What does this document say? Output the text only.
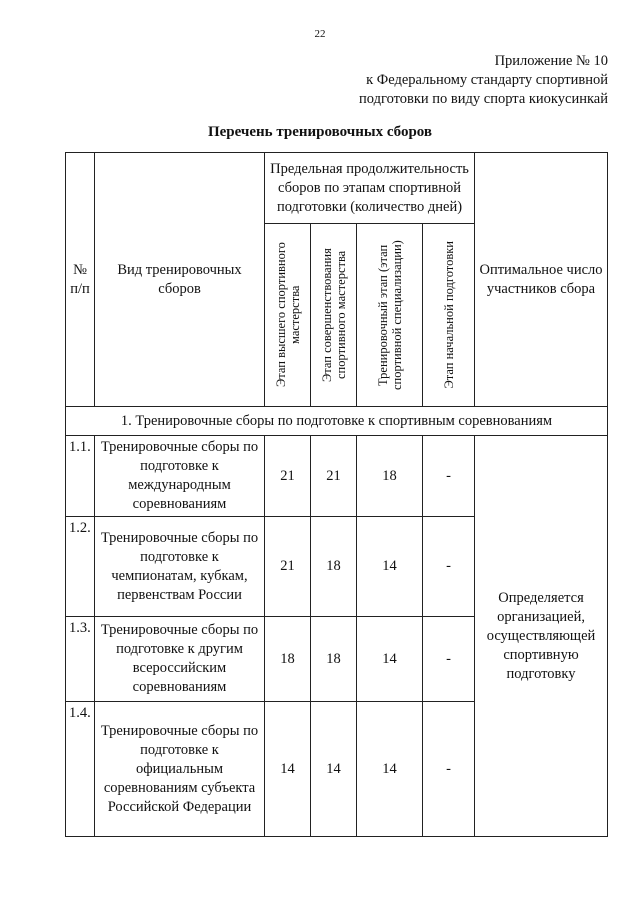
22
Приложение № 10
к Федеральному стандарту спортивной
подготовки по виду спорта киокусинкай
Перечень тренировочных сборов
№ п/п	Вид тренировочных сборов	Предельная продолжительность сборов по этапам спортивной подготовки (количество дней)				Оптимальное число участников сбора

		Этап высшего спортивного мастерства	Этап совершенствования спортивного мастерства	Тренировочный этап (этап спортивной специализации)	Этап начальной подготовки	

1. Тренировочные сборы по подготовке к спортивным соревнованиям						
1.1.	Тренировочные сборы по подготовке к международным соревнованиям	21	21	18	-	Определяется организацией, осуществляющей спортивную подготовку
1.2.	Тренировочные сборы по подготовке к чемпионатам, кубкам, первенствам России	21	18	14	-	
1.3.	Тренировочные сборы по подготовке к другим всероссийским соревнованиям	18	18	14	-	
1.4.	Тренировочные сборы по подготовке к официальным соревнованиям субъекта Российской Федерации	14	14	14	-	
